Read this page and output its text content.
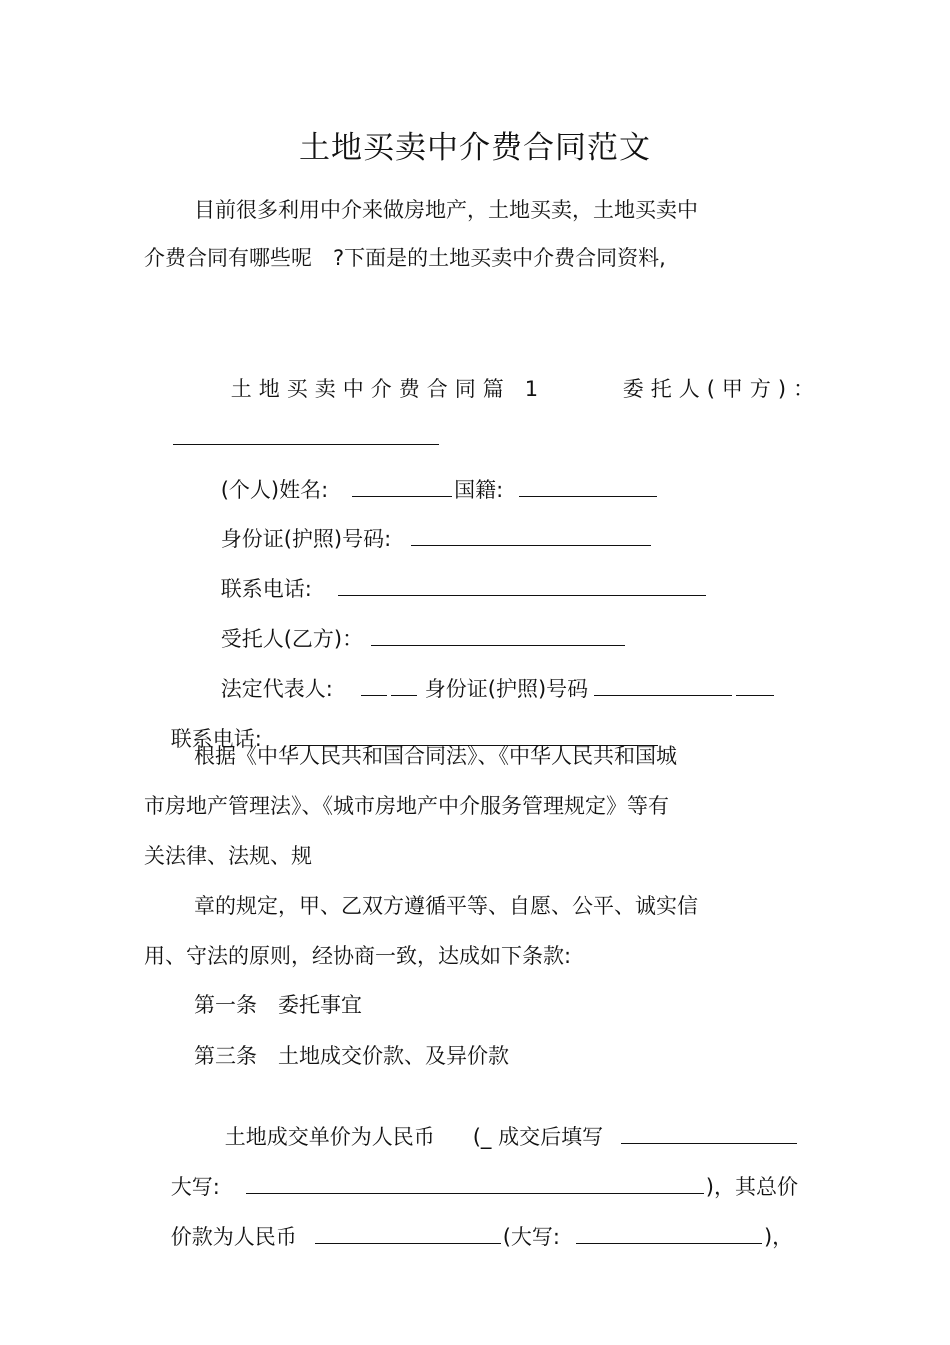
土地买卖中介费合同范文
目前很多利用中介来做房地产，土地买卖，土地买卖中
介费合同有哪些呢　?下面是的土地买卖中介费合同资料,

土地买卖中介费合同篇 1
	委托人(甲方)：

(个人)姓名:	国籍:

身份证(护照)号码:

联系电话:

受托人(乙方)：

法定代表人:	身份证(护照)号码

联系电话:

根据《中华人民共和国合同法》、《中华人民共和国城
市房地产管理法》、《城市房地产中介服务管理规定》等有
关法律、法规、规
章的规定，甲、乙双方遵循平等、自愿、公平、诚实信
用、守法的原则，经协商一致，达成如下条款:
第一条　委托事宜
第三条　土地成交价款、及异价款

土地成交单价为人民币 (_ 成交后填写

大写:	)，其总价

价款为人民币	(大写:	)，
